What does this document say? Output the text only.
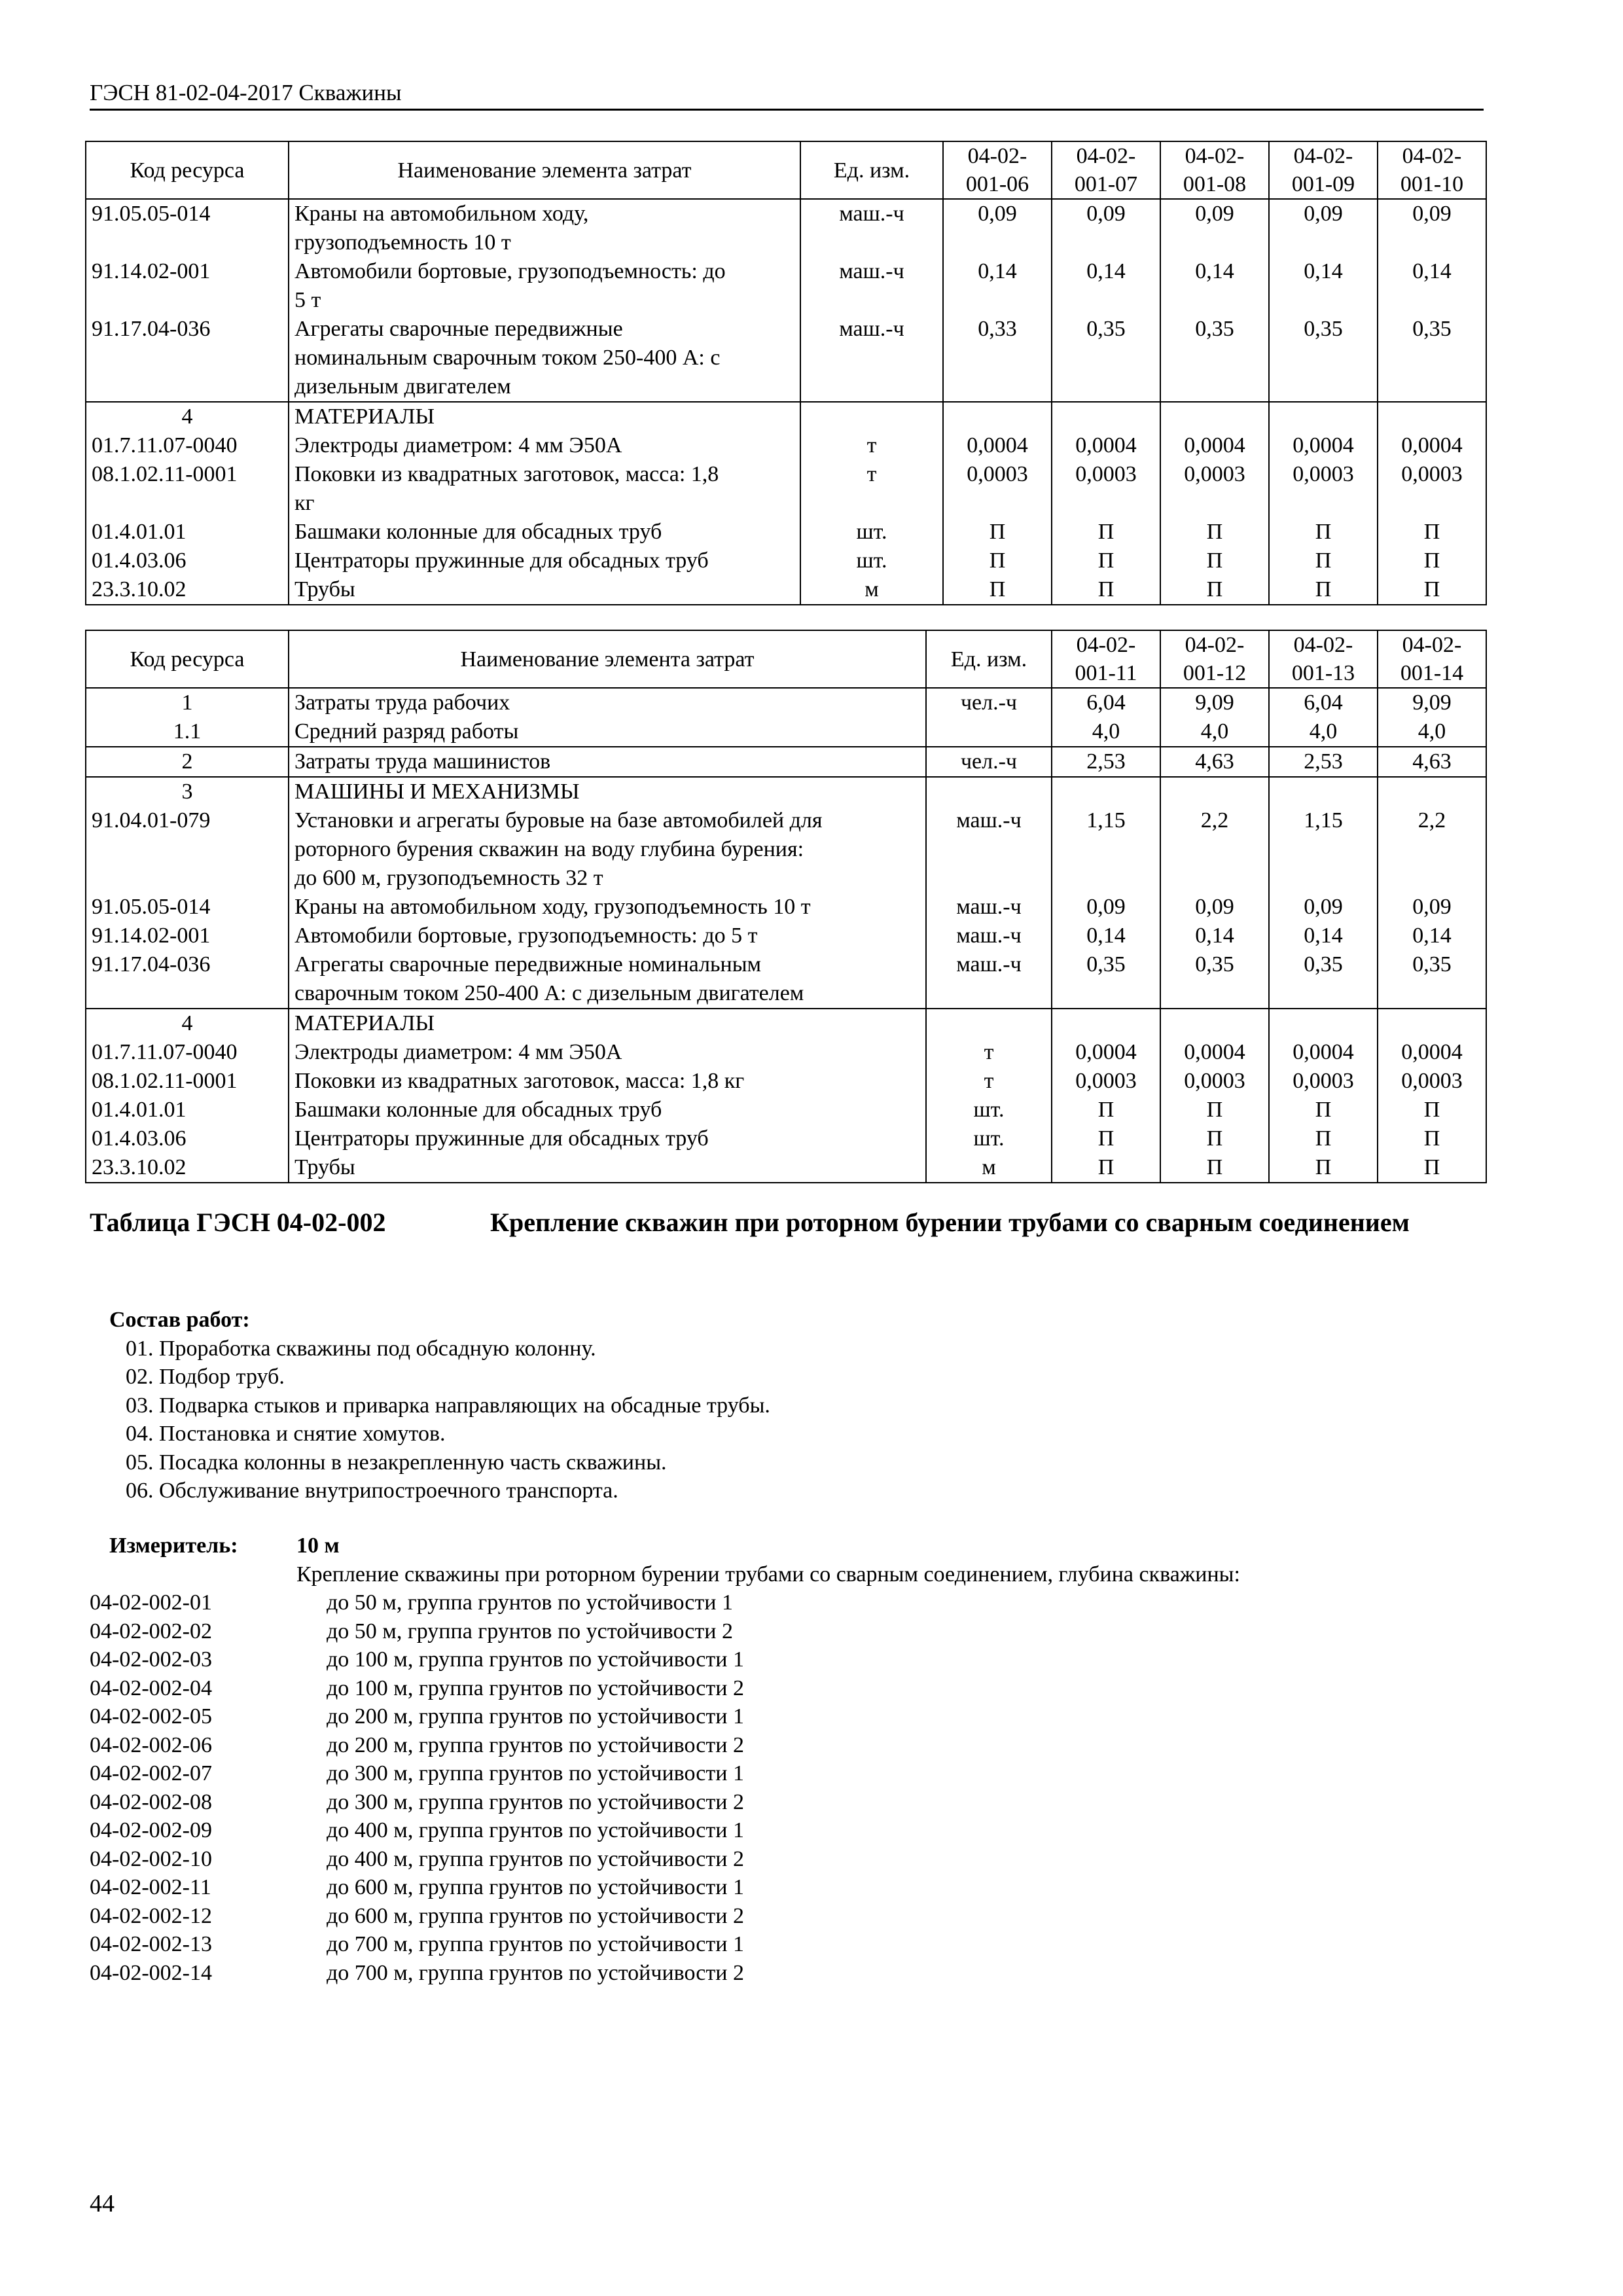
ГЭСН 81-02-04-2017 Скважины
Код ресурса	Наименование элемента затрат	Ед. изм.	04-02-
001-06	04-02-
001-07	04-02-
001-08	04-02-
001-09	04-02-
001-10
91.05.05-014	Краны на автомобильном ходу,
грузоподъемность 10 т	маш.-ч	0,09	0,09	0,09	0,09	0,09
91.14.02-001	Автомобили бортовые, грузоподъемность: до
5 т	маш.-ч	0,14	0,14	0,14	0,14	0,14
91.17.04-036	Агрегаты сварочные передвижные
номинальным сварочным током 250-400 А: с
дизельным двигателем	маш.-ч	0,33	0,35	0,35	0,35	0,35
4	МАТЕРИАЛЫ						
01.7.11.07-0040	Электроды диаметром: 4 мм Э50А	т	0,0004	0,0004	0,0004	0,0004	0,0004
08.1.02.11-0001	Поковки из квадратных заготовок, масса: 1,8
кг	т	0,0003	0,0003	0,0003	0,0003	0,0003
01.4.01.01	Башмаки колонные для обсадных труб	шт.	П	П	П	П	П
01.4.03.06	Центраторы пружинные для обсадных труб	шт.	П	П	П	П	П
23.3.10.02	Трубы	м	П	П	П	П	П
Код ресурса	Наименование элемента затрат	Ед. изм.	04-02-
001-11	04-02-
001-12	04-02-
001-13	04-02-
001-14
1	Затраты труда рабочих	чел.-ч	6,04	9,09	6,04	9,09
1.1	Средний разряд работы		4,0	4,0	4,0	4,0
2	Затраты труда машинистов	чел.-ч	2,53	4,63	2,53	4,63
3	МАШИНЫ И МЕХАНИЗМЫ					
91.04.01-079	Установки и агрегаты буровые на базе автомобилей для
роторного бурения скважин на воду глубина бурения:
до 600 м, грузоподъемность 32 т	маш.-ч	1,15	2,2	1,15	2,2
91.05.05-014	Краны на автомобильном ходу, грузоподъемность 10 т	маш.-ч	0,09	0,09	0,09	0,09
91.14.02-001	Автомобили бортовые, грузоподъемность: до 5 т	маш.-ч	0,14	0,14	0,14	0,14
91.17.04-036	Агрегаты сварочные передвижные номинальным
сварочным током 250-400 А: с дизельным двигателем	маш.-ч	0,35	0,35	0,35	0,35
4	МАТЕРИАЛЫ					
01.7.11.07-0040	Электроды диаметром: 4 мм Э50А	т	0,0004	0,0004	0,0004	0,0004
08.1.02.11-0001	Поковки из квадратных заготовок, масса: 1,8 кг	т	0,0003	0,0003	0,0003	0,0003
01.4.01.01	Башмаки колонные для обсадных труб	шт.	П	П	П	П
01.4.03.06	Центраторы пружинные для обсадных труб	шт.	П	П	П	П
23.3.10.02	Трубы	м	П	П	П	П
Таблица ГЭСН 04-02-002	Крепление скважин при роторном бурении трубами со сварным соединением
Состав работ:
01. Проработка скважины под обсадную колонну.
02. Подбор труб.
03. Подварка стыков и приварка направляющих на обсадные трубы.
04. Постановка и снятие хомутов.
05. Посадка колонны в незакрепленную часть скважины.
06. Обслуживание внутрипостроечного транспорта.
Измеритель:	10 м
Крепление скважины при роторном бурении трубами со сварным соединением, глубина скважины:
04-02-002-01	до 50 м, группа грунтов по устойчивости 1
04-02-002-02	до 50 м, группа грунтов по устойчивости 2
04-02-002-03	до 100 м, группа грунтов по устойчивости 1
04-02-002-04	до 100 м, группа грунтов по устойчивости 2
04-02-002-05	до 200 м, группа грунтов по устойчивости 1
04-02-002-06	до 200 м, группа грунтов по устойчивости 2
04-02-002-07	до 300 м, группа грунтов по устойчивости 1
04-02-002-08	до 300 м, группа грунтов по устойчивости 2
04-02-002-09	до 400 м, группа грунтов по устойчивости 1
04-02-002-10	до 400 м, группа грунтов по устойчивости 2
04-02-002-11	до 600 м, группа грунтов по устойчивости 1
04-02-002-12	до 600 м, группа грунтов по устойчивости 2
04-02-002-13	до 700 м, группа грунтов по устойчивости 1
04-02-002-14	до 700 м, группа грунтов по устойчивости 2
44
